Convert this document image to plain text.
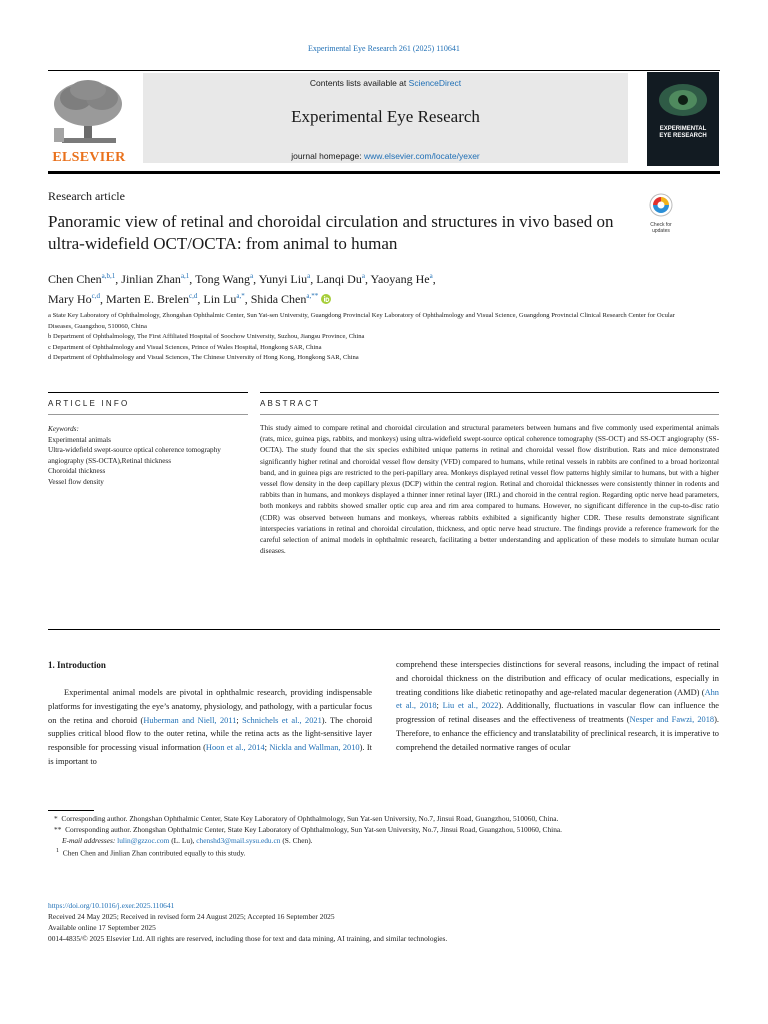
Experimental Eye Research 261 (2025) 110641
ELSEVIER
Contents lists available at ScienceDirect
Experimental Eye Research
journal homepage: www.elsevier.com/locate/yexer
EXPERIMENTAL
EYE RESEARCH
Research article
Panoramic view of retinal and choroidal circulation and structures in vivo based on ultra-widefield OCT/OCTA: from animal to human
Check for updates
Chen Chen$^{a,b,1}$, Jinlian Zhan$^{a,1}$, Tong Wang$^a$, Yunyi Liu$^a$, Lanqi Du$^a$, Yaoyang He$^a$,
Mary Ho$^{c,d}$, Marten E. Brelen$^{c,d}$, Lin $Lu^{a,*}$, Shida Chen$^{a,**}$
a State Key Laboratory of Ophthalmology, Zhongshan Ophthalmic Center, Sun Yat-sen University, Guangdong Provincial Key Laboratory of Ophthalmology and Visual Science, Guangdong Provincial Clinical Research Center for Ocular Diseases, Guangzhou, 510060, China
b Department of Ophthalmology, The First Affiliated Hospital of Soochow University, Suzhou, Jiangsu Province, China
c Department of Ophthalmology and Visual Sciences, Prince of Wales Hospital, Hongkong SAR, China
d Department of Ophthalmology and Visual Sciences, The Chinese University of Hong Kong, Hongkong SAR, China
ARTICLE INFO	ABSTRACT
Keywords:
Experimental animals
Ultra-widefield swept-source optical coherence tomography angiography (SS-OCTA),Retinal thickness
Choroidal thickness
Vessel flow density
This study aimed to compare retinal and choroidal circulation and structural parameters between humans and five commonly used experimental animals (rats, mice, guinea pigs, rabbits, and monkeys) using ultra-widefield swept-source optical coherence tomography (SS-OCT) and SS-OCT angiography (SS-OCTA). The study found that the six species exhibited unique patterns in retinal and choroidal vessel flow distribution. Rats and mice demonstrated significantly higher retinal and choroidal vessel flow density (VFD) compared to humans, while retinal vessels in rabbits are confined to a broad horizontal band, and in guinea pigs are restricted to the peri-papillary area. Monkeys displayed retinal vessel flow patterns highly similar to humans, but with a higher vessel flow density in the deep capillary plexus (DCP) within the central region. Retinal and choroidal thicknesses were consistently thinner in rodents and rabbits than in humans, and monkeys displayed a thinner inner retinal layer (IRL) and choroid in the central region. Regarding optic nerve head parameters, both monkeys and rabbits showed smaller optic cup area and rim area compared to humans. However, no significant difference in the cup-to-disc ratio (CDR) was observed between humans and monkeys, whereas rabbits exhibited a significantly higher CDR. These results demonstrate significant interspecies variations in retinal and choroidal circulation, thickness, and optic nerve head structure. The findings provide a reference framework for the careful selection of animal models in ophthalmic research, facilitating a better understanding and application of these models to simulate human ocular diseases.
1. Introduction
Experimental animal models are pivotal in ophthalmic research, providing indispensable platforms for investigating the eye’s anatomy, physiology, and pathology, with a particular focus on the retina and choroid (Huberman and Niell, 2011; Schnichels et al., 2021). The choroid supplies critical blood flow to the outer retina, while the retina acts as the light-sensitive layer responsible for processing visual information (Hoon et al., 2014; Nickla and Wallman, 2010). It is important to
comprehend these interspecies distinctions for several reasons, including the impact of retinal and choroidal thickness on the distribution and efficacy of ocular medications, especially in treating conditions like diabetic retinopathy and age-related macular degeneration (AMD) (Ahn et al., 2018; Liu et al., 2022). Additionally, fluctuations in vascular flow can influence the progression of retinal diseases and the effectiveness of treatments (Nesper and Fawzi, 2018). Therefore, to enhance the efficiency and translatability of preclinical research, it is imperative to comprehend the detailed normative ranges of ocular
* Corresponding author. Zhongshan Ophthalmic Center, State Key Laboratory of Ophthalmology, Sun Yat-sen University, No.7, Jinsui Road, Guangzhou, 510060, China.
** Corresponding author. Zhongshan Ophthalmic Center, State Key Laboratory of Ophthalmology, Sun Yat-sen University, No.7, Jinsui Road, Guangzhou, 510060, China.
E-mail addresses: lulin@gzzoc.com (L. Lu), chenshd3@mail.sysu.edu.cn (S. Chen).
$^1$ Chen Chen and Jinlian Zhan contributed equally to this study.
https://doi.org/10.1016/j.exer.2025.110641
Received 24 May 2025; Received in revised form 24 August 2025; Accepted 16 September 2025
Available online 17 September 2025
0014-4835/© 2025 Elsevier Ltd. All rights are reserved, including those for text and data mining, AI training, and similar technologies.
